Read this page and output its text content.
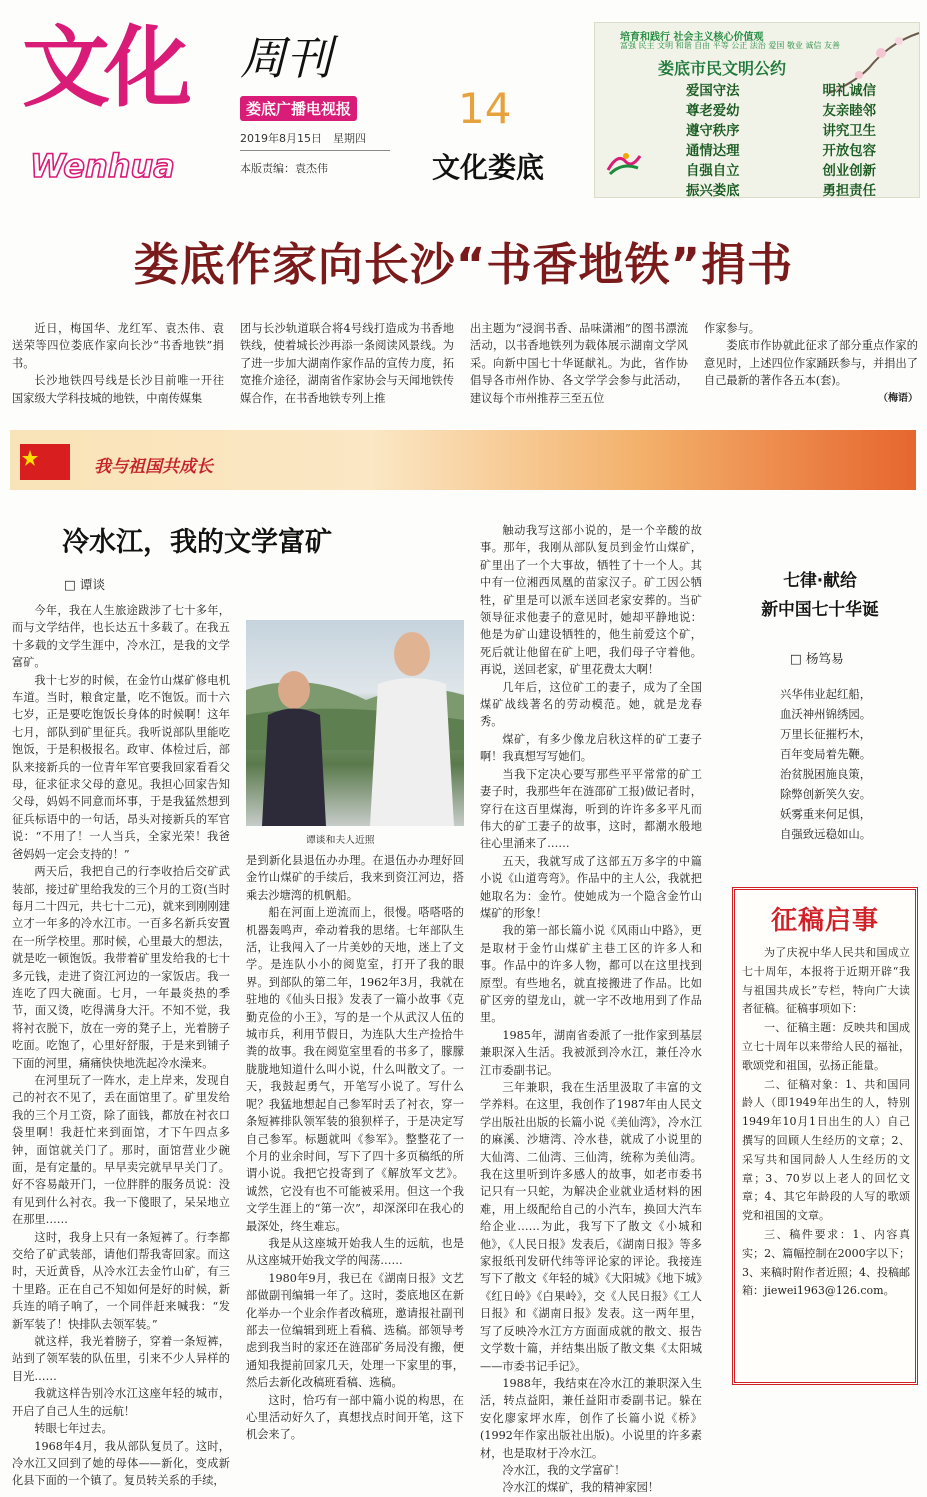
文化
Wenhua
周刊
娄底广播电视报
2019年8月15日　星期四
本版责编：袁杰伟
14
文化娄底
培育和践行 社会主义核心价值观
富强 民主 文明 和谐 自由 平等 公正 法治 爱国 敬业 诚信 友善
娄底市民文明公约
爱国守法	明礼诚信
尊老爱幼	友亲睦邻
遵守秩序	讲究卫生
通情达理	开放包容
自强自立	创业创新
振兴娄底	勇担责任
娄底作家向长沙“书香地铁”捐书

近日，梅国华、龙红军、袁杰伟、袁送荣等四位娄底作家向长沙“书香地铁”捐书。

长沙地铁四号线是长沙目前唯一开往国家级大学科技城的地铁，中南传媒集

团与长沙轨道联合将4号线打造成为书香地铁线，使着城长沙再添一条阅读风景线。为了进一步加大湖南作家作品的宣传力度，拓宽推介途径，湖南省作家协会与天闻地铁传媒合作，在书香地铁专列上推

出主题为“浸润书香、品味潇湘”的图书漂流活动，以书香地铁列为载体展示湖南文学风采。向新中国七十华诞献礼。为此，省作协倡导各市州作协、各文学学会参与此活动，建议每个市州推荐三至五位

作家参与。

娄底市作协就此征求了部分重点作家的意见时，上述四位作家踊跃参与，并捐出了自己最新的著作各五本(套)。

（梅语）
我与祖国共成长
冷水江，我的文学富矿
□ 谭谈

今年，我在人生旅途跋涉了七十多年，而与文学结伴，也长达五十多载了。在我五十多载的文学生涯中，冷水江，是我的文学富矿。

我十七岁的时候，在金竹山煤矿修电机车道。当时，粮食定量，吃不饱饭。而十六七岁，正是要吃饱饭长身体的时候啊！这年七月，部队到矿里征兵。我听说部队里能吃饱饭，于是积极报名。政审、体检过后，部队来接新兵的一位青年军官要我回家看看父母，征求征求父母的意见。我担心回家告知父母，妈妈不同意而坏事，于是我猛然想到征兵标语中的一句话，昂头对接新兵的军官说：“不用了！一人当兵，全家光荣！我爸爸妈妈一定会支持的！”

两天后，我把自己的行李收拾后交矿武装部，接过矿里给我发的三个月的工资(当时每月二十四元，共七十二元)，就来到刚刚建立才一年多的冷水江市。一百多名新兵安置在一所学校里。那时候，心里最大的想法，就是吃一顿饱饭。我带着矿里发给我的七十多元钱，走进了资江河边的一家饭店。我一连吃了四大碗面。七月，一年最炎热的季节，面又烫，吃得满身大汗。不知不觉，我将衬衣脱下，放在一旁的凳子上，光着膀子吃面。吃饱了，心里好舒服，于是来到铺子下面的河里，痛痛快快地洗起冷水澡来。

在河里玩了一阵水，走上岸来，发现自己的衬衣不见了，丢在面馆里了。矿里发给我的三个月工资，除了面钱，都放在衬衣口袋里啊！我赶忙来到面馆，才下午四点多钟，面馆就关门了。那时，面馆营业少碗面，是有定量的。早早卖完就早早关门了。好不容易敲开门，一位胖胖的服务员说：没有见到什么衬衣。我一下傻眼了，呆呆地立在那里……

这时，我身上只有一条短裤了。行李都交给了矿武装部，请他们帮我寄回家。而这时，天近黄昏，从冷水江去金竹山矿，有三十里路。正在自己不知如何是好的时候，新兵连的哨子响了，一个同伴赶来喊我：“发新军装了！快排队去领军装。”

就这样，我光着膀子，穿着一条短裤，站到了领军装的队伍里，引来不少人异样的目光……

我就这样告别冷水江这座年轻的城市，开启了自己人生的远航！

转眼七年过去。

1968年4月，我从部队复员了。这时，冷水江又回到了她的母体——新化，变成新化县下面的一个镇了。复员转关系的手续，

谭谈和夫人近照

是到新化县退伍办办理。在退伍办办理好回金竹山煤矿的手续后，我来到资江河边，搭乘去沙塘湾的机帆船。

船在河面上逆流而上，很慢。嗒嗒嗒的机器轰鸣声，牵动着我的思绪。七年部队生活，让我闯入了一片美妙的天地，迷上了文学。是连队小小的阅览室，打开了我的眼界。到部队的第二年，1962年3月，我就在驻地的《仙头日报》发表了一篇小故事《克勤克俭的小王》，写的是一个从武汉人伍的城市兵，利用节假日，为连队大生产捡拾牛粪的故事。我在阅览室里看的书多了，朦朦胧胧地知道什么叫小说，什么叫散文了。一天，我鼓起勇气，开笔写小说了。写什么呢？我猛地想起自己参军时丢了衬衣，穿一条短裤排队领军装的狼狈样子，于是决定写自己参军。标题就叫《参军》。整整花了一个月的业余时间，写下了四十多页稿纸的所谓小说。我把它投寄到了《解放军文艺》。诚然，它没有也不可能被采用。但这一个我文学生涯上的“第一次”，却深深印在我心的最深处，终生难忘。

我是从这座城开始我人生的远航，也是从这座城开始我文学的闯荡……

1980年9月，我已在《湖南日报》文艺部做副刊编辑一年了。这时，娄底地区在新化举办一个业余作者改稿班，邀请报社副刊部去一位编辑到班上看稿、选稿。部领导考虑到我当时的家还在涟邵矿务局没有搬，便通知我提前回家几天，处理一下家里的事，然后去新化改稿班看稿、选稿。

这时，恰巧有一部中篇小说的构思，在心里活动好久了，真想找点时间开笔，这下机会来了。

触动我写这部小说的，是一个辛酸的故事。那年，我刚从部队复员到金竹山煤矿，矿里出了一个大事故，牺牲了十一个人。其中有一位湘西凤凰的苗家汉子。矿工因公牺牲，矿里是可以派车送回老家安葬的。当矿领导征求他妻子的意见时，她却平静地说：他是为矿山建设牺牲的，他生前爱这个矿，死后就让他留在矿上吧，我们母子守着他。再说，送回老家，矿里花费太大啊！

几年后，这位矿工的妻子，成为了全国煤矿战线著名的劳动模范。她，就是龙春秀。

煤矿，有多少像龙启秋这样的矿工妻子啊！我真想写写她们。

当我下定决心要写那些平平常常的矿工妻子时，我那些年在涟邵矿工报)做记者时，穿行在这百里煤海，听到的许许多多平凡而伟大的矿工妻子的故事，这时，都潮水般地往心里涌来了……

五天，我就写成了这部五万多字的中篇小说《山道弯弯》。作品中的主人公，我就把她取名为：金竹。使她成为一个隐含金竹山煤矿的形象！

我的第一部长篇小说《风雨山中路》，更是取材于金竹山煤矿主巷工区的许多人和事。作品中的许多人物，都可以在这里找到原型。有些地名，就直接搬进了作品。比如矿区旁的望龙山，就一字不改地用到了作品里。

1985年，湖南省委派了一批作家到基层兼职深入生活。我被派到冷水江，兼任冷水江市委副书记。

三年兼职，我在生活里汲取了丰富的文学养料。在这里，我创作了1987年由人民文学出版社出版的长篇小说《美仙湾》，冷水江的麻溪、沙塘湾、冷水巷，就成了小说里的大仙湾、二仙湾、三仙湾，统称为美仙湾。我在这里听到许多感人的故事，如老市委书记只有一只蛇，为解决企业就业适材料的困难，用上级配给自己的小汽车，换回大汽车给企业……为此，我写下了散文《小城和他》，《人民日报》发表后，《湖南日报》等多家报纸刊发研代纬等评论家的评论。我接连写下了散文《年轻的城》《大阳城》《地下城》《红日岭》《白果岭》，交《人民日报》《工人日报》和《湖南日报》发表。这一两年里，写了反映冷水江方方面面成就的散文、报告文学数十篇，并结集出版了散文集《太阳城——市委书记手记》。

1988年，我结束在冷水江的兼职深入生活，转点益阳，兼任益阳市委副书记。躲在安化廖家坪水库，创作了长篇小说《桥》(1992年作家出版社出版)。小说里的许多素材，也是取材于冷水江。

冷水江，我的文学富矿！

冷水江的煤矿，我的精神家园！

七律·献给
新中国七十华诞
□ 杨笃易
兴华伟业起红船，
血沃神州锦绣园。
万里长征摧朽木，
百年变局着先鞭。
治贫脱困施良策，
除弊创新笑久安。
妖雾重来何足惧，
自强致远稳如山。
征稿启事

为了庆祝中华人民共和国成立七十周年，本报将于近期开辟“我与祖国共成长”专栏，特向广大读者征稿。征稿事项如下：

一、征稿主题：反映共和国成立七十周年以来带给人民的福祉，歌颂党和祖国，弘扬正能量。

二、征稿对象：1、共和国同龄人（即1949年出生的人，特别1949年10月1日出生的人）自己撰写的回顾人生经历的文章；2、采写共和国同龄人人生经历的文章；3、70岁以上老人的回忆文章；4、其它年龄段的人写的歌颂党和祖国的文章。

三、稿件要求：1、内容真实；2、篇幅控制在2000字以下；3、来稿时附作者近照；4、投稿邮箱：jiewei1963@126.com。
